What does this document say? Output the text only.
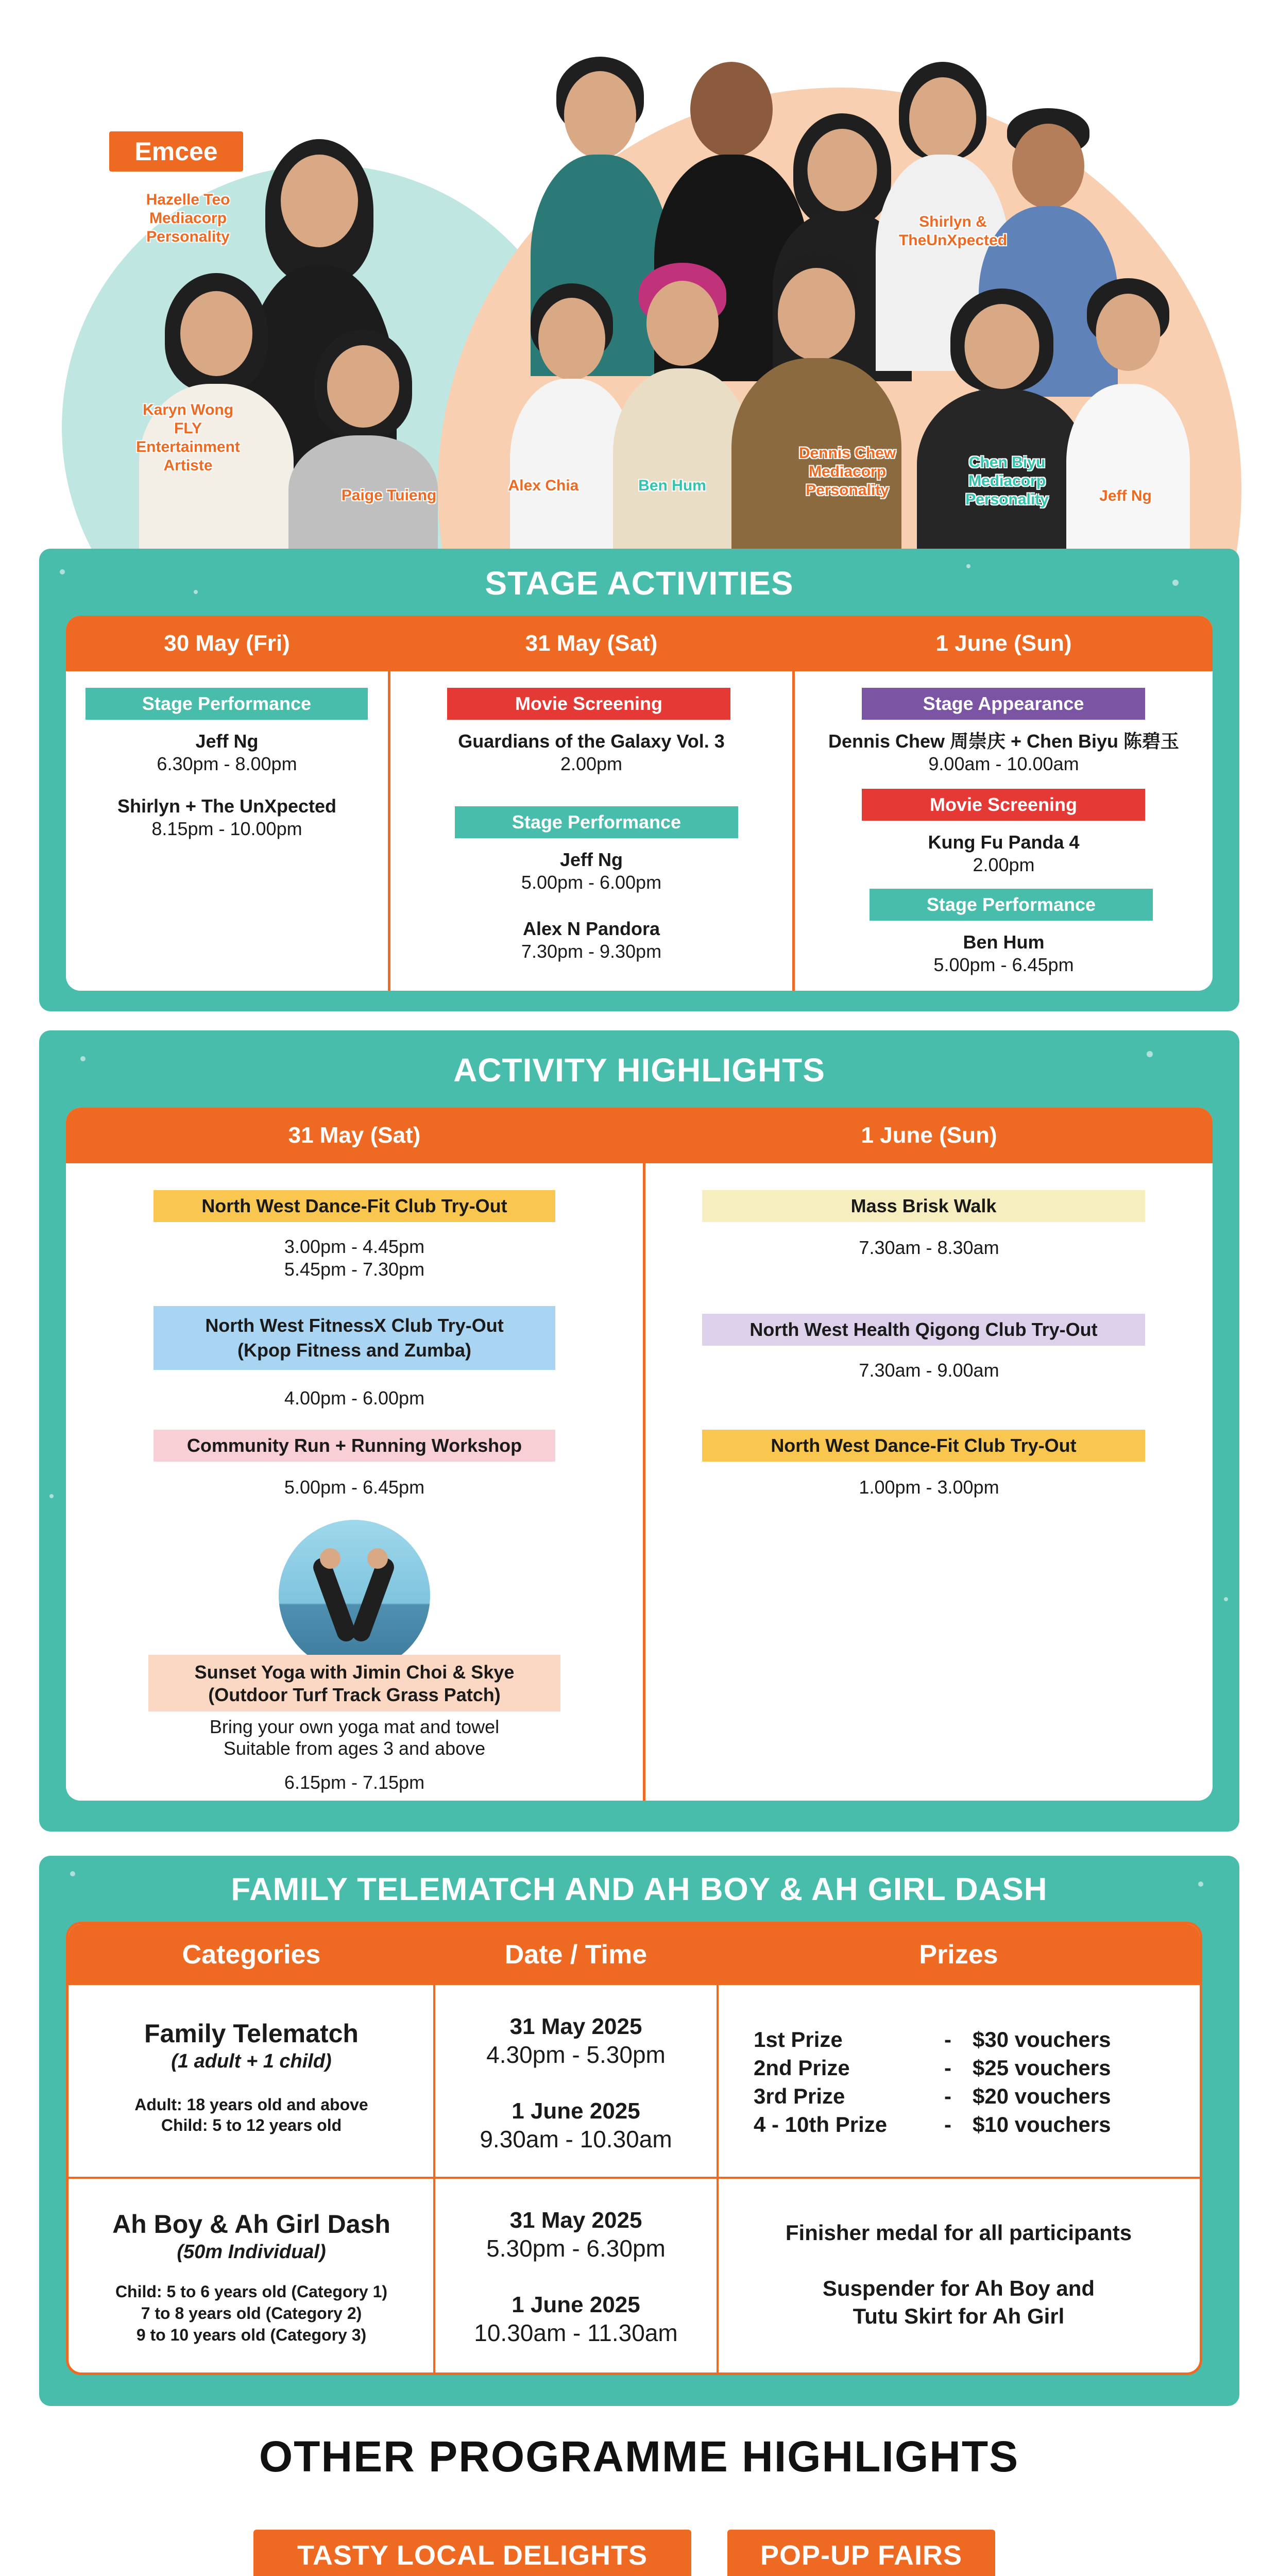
Emcee
Hazelle Teo
Mediacorp
Personality
Karyn Wong
FLY
Entertainment
Artiste
Paige Tuieng
Alex Chia	Ben Hum
Dennis Chew
Mediacorp
Personality
Chen Biyu
Mediacorp
Personality	Jeff Ng
Shirlyn &
TheUnXpected
STAGE ACTIVITIES
30 May (Fri)
Stage Performance
Jeff Ng
6.30pm - 8.00pm
Shirlyn + The UnXpected
8.15pm - 10.00pm
31 May (Sat)
Movie Screening
Guardians of the Galaxy Vol. 3
2.00pm
Stage Performance
Jeff Ng
5.00pm - 6.00pm
Alex N Pandora
7.30pm - 9.30pm
1 June (Sun)
Stage Appearance
Dennis Chew 周崇庆 + Chen Biyu 陈碧玉
9.00am - 10.00am
Movie Screening
Kung Fu Panda 4
2.00pm
Stage Performance
Ben Hum
5.00pm - 6.45pm
ACTIVITY HIGHLIGHTS
31 May (Sat)
North West Dance-Fit Club Try-Out
3.00pm - 4.45pm
5.45pm - 7.30pm
North West FitnessX Club Try-Out
(Kpop Fitness and Zumba)
4.00pm - 6.00pm
Community Run + Running Workshop
5.00pm - 6.45pm
Sunset Yoga with Jimin Choi & Skye
(Outdoor Turf Track Grass Patch)
Bring your own yoga mat and towel
Suitable from ages 3 and above
6.15pm - 7.15pm
1 June (Sun)
Mass Brisk Walk
7.30am - 8.30am
North West Health Qigong Club Try-Out
7.30am - 9.00am
North West Dance-Fit Club Try-Out
1.00pm - 3.00pm
FAMILY TELEMATCH AND AH BOY & AH GIRL DASH
Categories	Date / Time	Prizes
Family Telematch
(1 adult + 1 child)
Adult: 18 years old and above
Child: 5 to 12 years old
31 May 2025
4.30pm - 5.30pm
1 June 2025
9.30am - 10.30am
1st Prize	- $30 vouchers
2nd Prize	- $25 vouchers
3rd Prize	- $20 vouchers
4 - 10th Prize	- $10 vouchers
Ah Boy & Ah Girl Dash
(50m Individual)
Child: 5 to 6 years old (Category 1)
7 to 8 years old (Category 2)
9 to 10 years old (Category 3)
31 May 2025
5.30pm - 6.30pm
1 June 2025
10.30am - 11.30am
Finisher medal for all participants
Suspender for Ah Boy and
Tutu Skirt for Ah Girl
OTHER PROGRAMME HIGHLIGHTS
TASTY LOCAL DELIGHTS	POP-UP FAIRS
